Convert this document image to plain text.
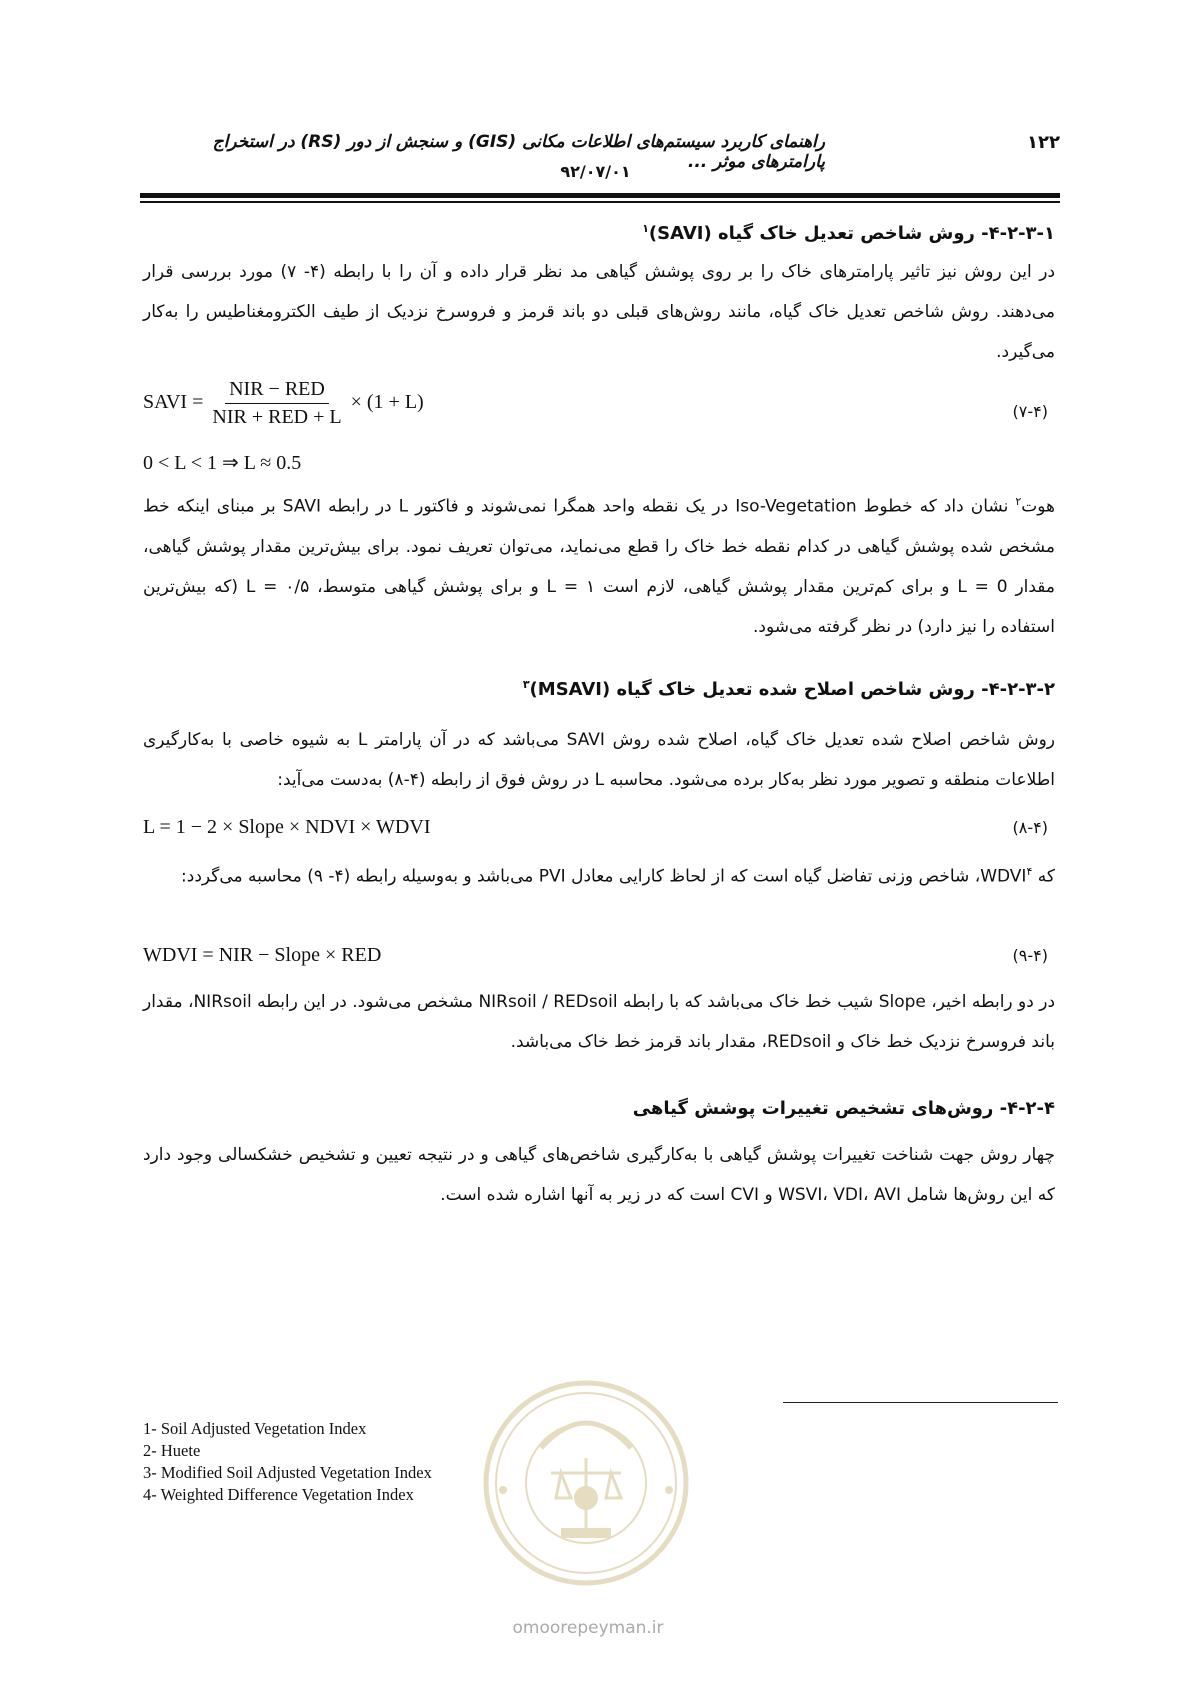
۱۲۲
راهنمای کاربرد سیستم‌های اطلاعات مکانی (GIS) و سنجش از دور (RS) در استخراج پارامترهای موثر ...
۹۲/۰۷/۰۱
۴-۲-۳-۱- روش شاخص تعدیل خاک گیاه (SAVI)$^۱$
در این روش نیز تاثیر پارامترهای خاک را بر روی پوشش گیاهی مد نظر قرار داده و آن را با رابطه (۴- ۷) مورد بررسی قرار می‌دهند. روش شاخص تعدیل خاک گیاه، مانند روش‌های قبلی دو باند قرمز و فروسرخ نزدیک از طیف الکترومغناطیس را به‌کار می‌گیرد.
SAVI = $\frac{\text{NIR − RED}}{\text{NIR + RED + L}} \times (1 + L)$	(۷-۴)
0 < L < 1 ⇒ L ≈ 0.5
هوت$^۲$ نشان داد که خطوط Iso-Vegetation در یک نقطه واحد همگرا نمی‌شوند و فاکتور L در رابطه SAVI بر مبنای اینکه خط مشخص شده پوشش گیاهی در کدام نقطه خط خاک را قطع می‌نماید، می‌توان تعریف نمود. برای بیش‌ترین مقدار پوشش گیاهی، مقدار L = 0 و برای کم‌ترین مقدار پوشش گیاهی، لازم است L = ۱ و برای پوشش گیاهی متوسط، L = ۰/۵ (که بیش‌ترین استفاده را نیز دارد) در نظر گرفته می‌شود.
۴-۲-۳-۲- روش شاخص اصلاح شده تعدیل خاک گیاه (MSAVI)$^۳$
روش شاخص اصلاح شده تعدیل خاک گیاه، اصلاح شده روش SAVI می‌باشد که در آن پارامتر L به شیوه خاصی با به‌کارگیری اطلاعات منطقه و تصویر مورد نظر به‌کار برده می‌شود. محاسبه L در روش فوق از رابطه (۴-۸) به‌دست می‌آید:
L = 1 − 2 × Slope × NDVI × WDVI	(۸-۴)
که WDVI$^۴$، شاخص وزنی تفاضل گیاه است که از لحاظ کارایی معادل PVI می‌باشد و به‌وسیله رابطه (۴- ۹) محاسبه می‌گردد:
WDVI = NIR − Slope × RED	(۹-۴)
در دو رابطه اخیر، Slope شیب خط خاک می‌باشد که با رابطه NIRsoil / REDsoil مشخص می‌شود. در این رابطه NIRsoil، مقدار باند فروسرخ نزدیک خط خاک و REDsoil، مقدار باند قرمز خط خاک می‌باشد.
۴-۲-۴- روش‌های تشخیص تغییرات پوشش گیاهی
چهار روش جهت شناخت تغییرات پوشش گیاهی با به‌کارگیری شاخص‌های گیاهی و در نتیجه تعیین و تشخیص خشکسالی وجود دارد که این روش‌ها شامل WSVI، VDI، AVI و CVI است که در زیر به آنها اشاره شده است.
1- Soil Adjusted Vegetation Index
2- Huete
3- Modified Soil Adjusted Vegetation Index
4- Weighted Difference Vegetation Index
omoorepeyman.ir
